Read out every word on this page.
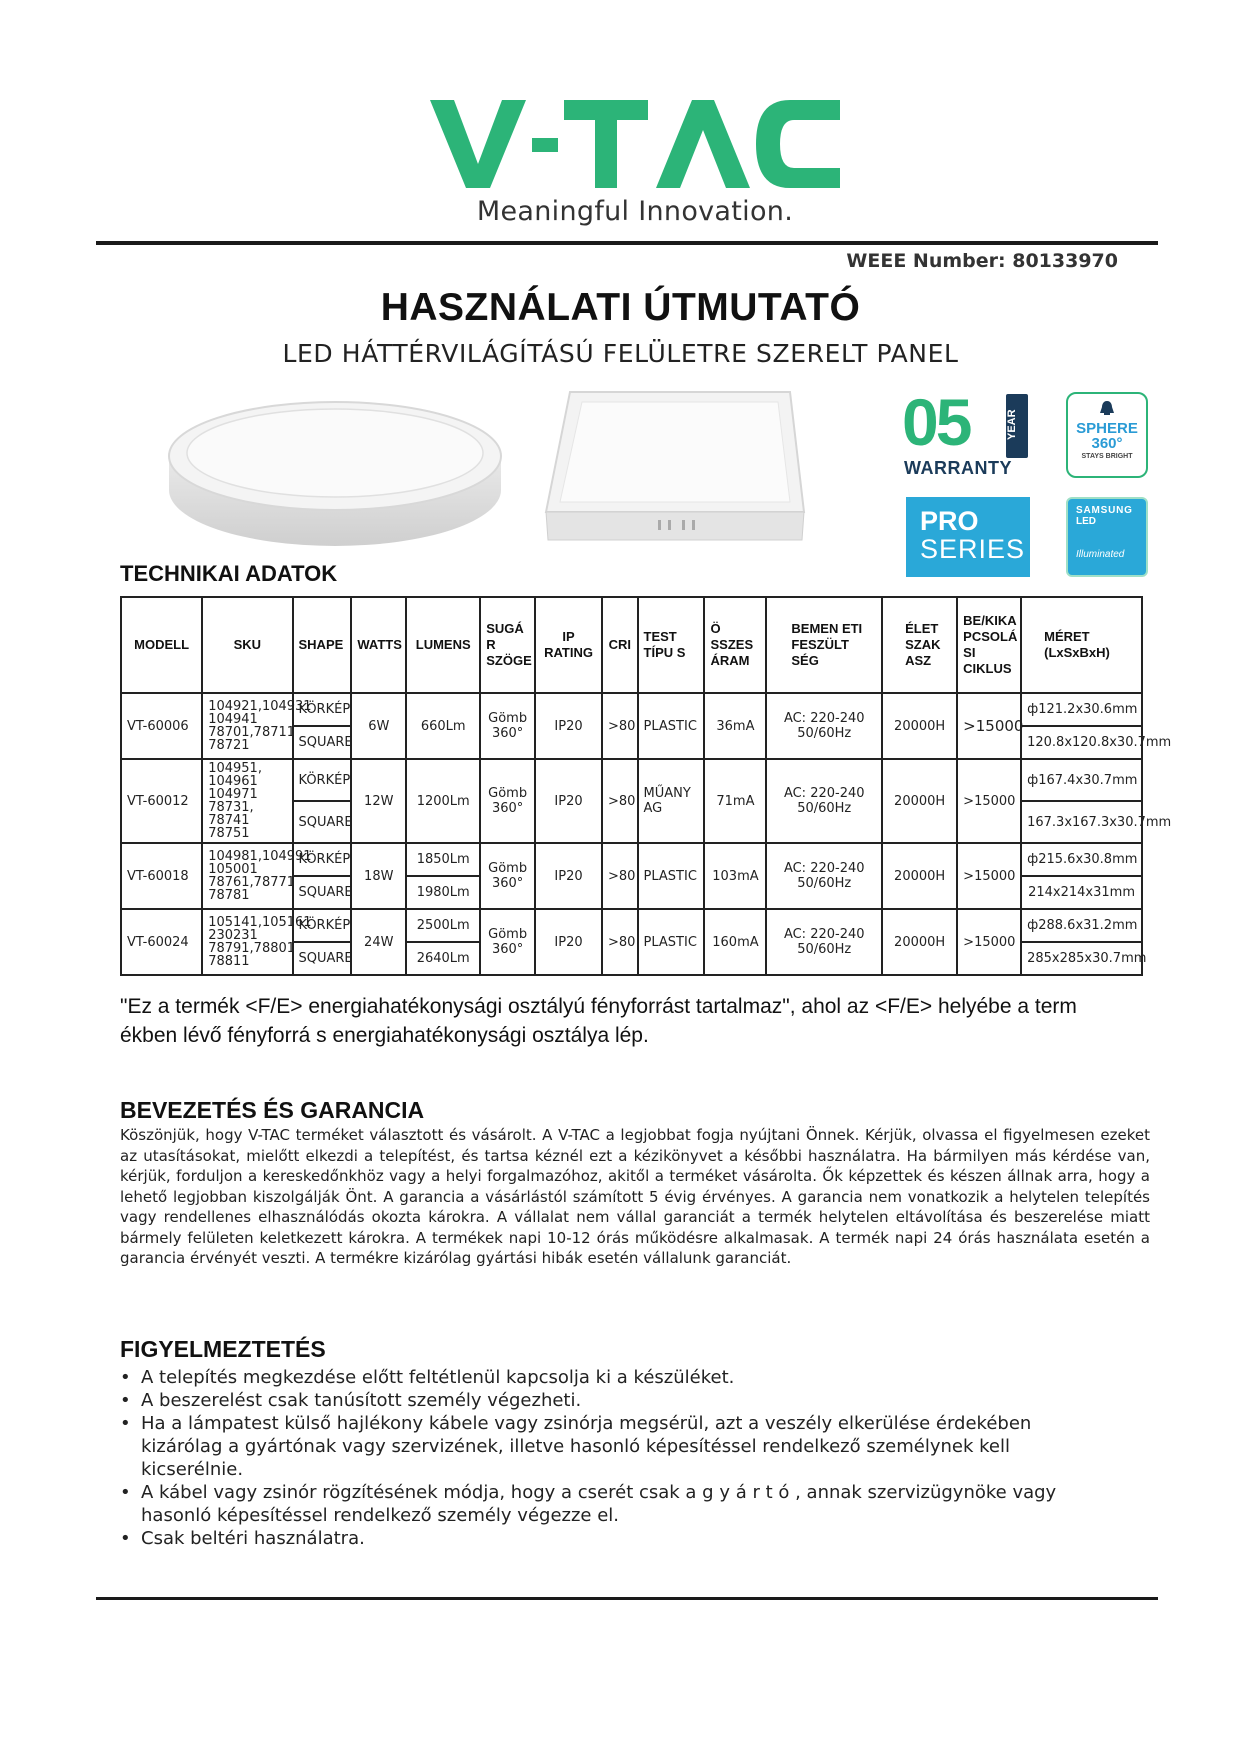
Meaningful Innovation.
WEEE Number: 80133970
HASZNÁLATI ÚTMUTATÓ
LED HÁTTÉRVILÁGÍTÁSÚ FELÜLETRE SZERELT PANEL
05	YEAR
WARRANTY
SPHERE
360°
STAYS BRIGHT
PRO
SERIES
SAMSUNG
LED
Illuminated
TECHNIKAI ADATOK
MODELL	SKU	SHAPE	WATTS	LUMENS	SUGÁ R SZÖGE	IP RATING	CRI	TEST TÍPU S	Ö SSZES ÁRAM	BEMEN ETI FESZÜLT SÉG	ÉLET SZAK ASZ	BE/KIKA PCSOLÁ SI CIKLUS	MÉRET (LxSxBxH)
VT-60006	104921,104931 104941 78701,78711 78721	KÖRKÉP	6W	660Lm	Gömb 360°	IP20	>80	PLASTIC	36mA	AC: 220-240 50/60Hz	20000H	>15000	ф121.2x30.6mm
		SQUARE											120.8x120.8x30.7mm
VT-60012	104951, 104961 104971 78731, 78741 78751	KÖRKÉP	12W	1200Lm	Gömb 360°	IP20	>80	MŰANY AG	71mA	AC: 220-240 50/60Hz	20000H	>15000	ф167.4x30.7mm
		SQUARE											167.3x167.3x30.7mm
VT-60018	104981,104991 105001 78761,78771 78781	KÖRKÉP	18W	1850Lm	Gömb 360°	IP20	>80	PLASTIC	103mA	AC: 220-240 50/60Hz	20000H	>15000	ф215.6x30.8mm
		SQUARE		1980Lm									214x214x31mm
VT-60024	105141,105161 230231 78791,78801 78811	KÖRKÉP	24W	2500Lm	Gömb 360°	IP20	>80	PLASTIC	160mA	AC: 220-240 50/60Hz	20000H	>15000	ф288.6x31.2mm
		SQUARE		2640Lm									285x285x30.7mm

"Ez a termék <F/E> energiahatékonysági osztályú fényforrást tartalmaz", ahol az <F/E> helyébe a term ékben lévő fényforrá s energiahatékonysági osztálya lép.

BEVEZETÉS ÉS GARANCIA

Köszönjük, hogy V-TAC terméket választott és vásárolt. A V-TAC a legjobbat fogja nyújtani Önnek. Kérjük, olvassa el figyelmesen ezeket az utasításokat, mielőtt elkezdi a telepítést, és tartsa kéznél ezt a kézikönyvet a későbbi használatra. Ha bármilyen más kérdése van, kérjük, forduljon a kereskedőnkhöz vagy a helyi forgalmazóhoz, akitől a terméket vásárolta. Ők képzettek és készen állnak arra, hogy a lehető legjobban kiszolgálják Önt. A garancia a vásárlástól számított 5 évig érvényes. A garancia nem vonatkozik a helytelen telepítés vagy rendellenes elhasználódás okozta károkra. A vállalat nem vállal garanciát a termék helytelen eltávolítása és beszerelése miatt bármely felületen keletkezett károkra. A termékek napi 10-12 órás működésre alkalmasak. A termék napi 24 órás használata esetén a garancia érvényét veszti. A termékre kizárólag gyártási hibák esetén vállalunk garanciát.

FIGYELMEZTETÉS
• A telepítés megkezdése előtt feltétlenül kapcsolja ki a készüléket.
• A beszerelést csak tanúsított személy végezheti.
• Ha a lámpatest külső hajlékony kábele vagy zsinórja megsérül, azt a veszély elkerülése érdekében kizárólag a gyártónak vagy szervizének, illetve hasonló képesítéssel rendelkező személynek kell kicserélnie.
• A kábel vagy zsinór rögzítésének módja, hogy a cserét csak a g y á r t ó , annak szervizügynöke vagy hasonló képesítéssel rendelkező személy végezze el.
• Csak beltéri használatra.
